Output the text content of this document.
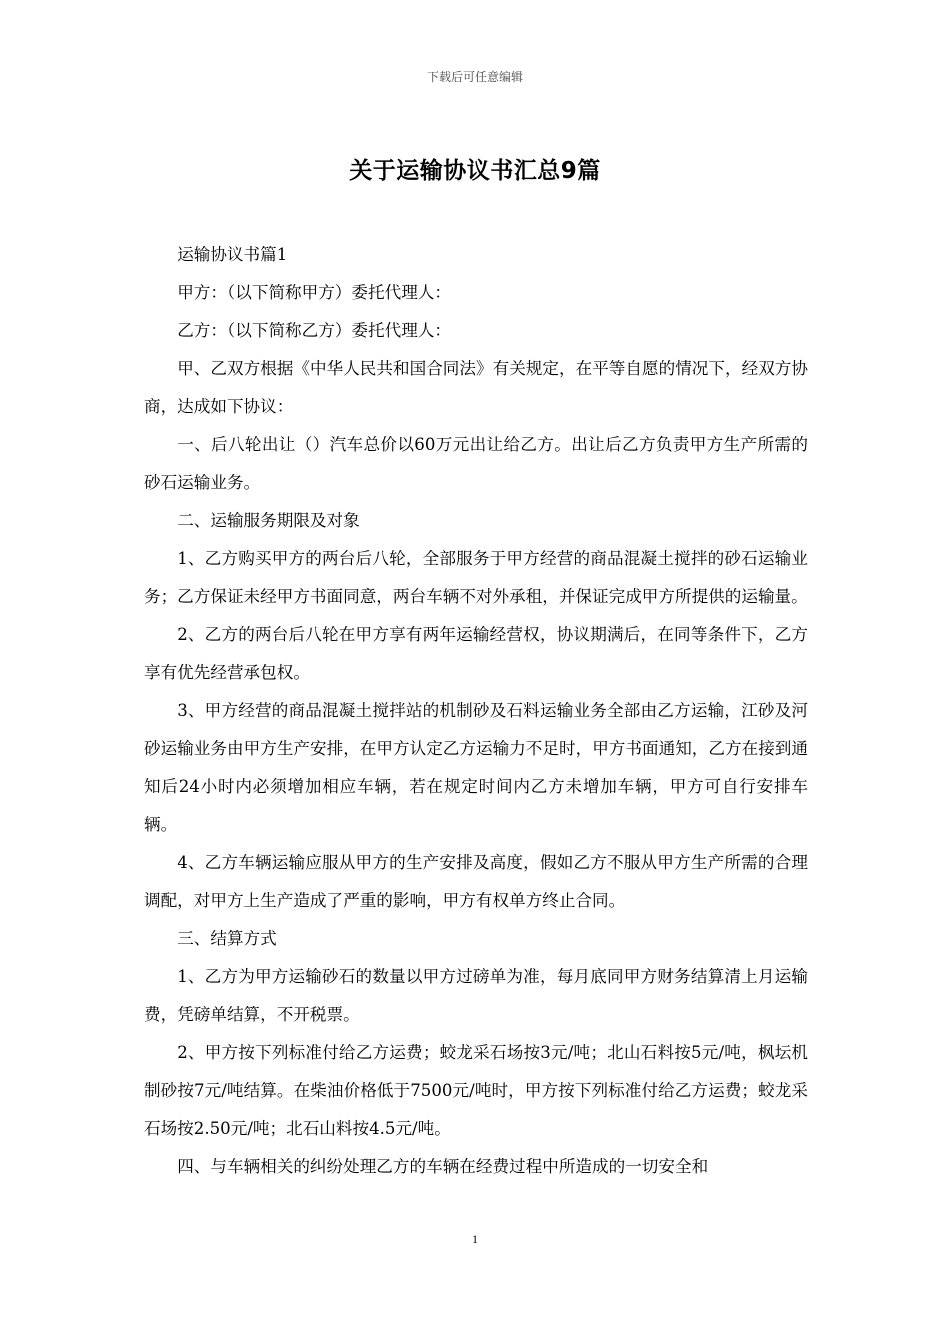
下载后可任意编辑
关于运输协议书汇总9篇

运输协议书篇1

甲方：（以下简称甲方）委托代理人：

乙方：（以下简称乙方）委托代理人：

甲、乙双方根据《中华人民共和国合同法》有关规定，在平等自愿的情况下，经双方协商，达成如下协议：

一、后八轮出让（）汽车总价以60万元出让给乙方。出让后乙方负责甲方生产所需的砂石运输业务。

二、运输服务期限及对象

1、乙方购买甲方的两台后八轮，全部服务于甲方经营的商品混凝土搅拌的砂石运输业务；乙方保证未经甲方书面同意，两台车辆不对外承租，并保证完成甲方所提供的运输量。

2、乙方的两台后八轮在甲方享有两年运输经营权，协议期满后，在同等条件下，乙方享有优先经营承包权。

3、甲方经营的商品混凝土搅拌站的机制砂及石料运输业务全部由乙方运输，江砂及河砂运输业务由甲方生产安排，在甲方认定乙方运输力不足时，甲方书面通知，乙方在接到通知后24小时内必须增加相应车辆，若在规定时间内乙方未增加车辆，甲方可自行安排车辆。

4、乙方车辆运输应服从甲方的生产安排及高度，假如乙方不服从甲方生产所需的合理调配，对甲方上生产造成了严重的影响，甲方有权单方终止合同。

三、结算方式

1、乙方为甲方运输砂石的数量以甲方过磅单为准，每月底同甲方财务结算清上月运输费，凭磅单结算，不开税票。

2、甲方按下列标准付给乙方运费；蛟龙采石场按3元/吨；北山石料按5元/吨，枫坛机制砂按7元/吨结算。在柴油价格低于7500元/吨时，甲方按下列标准付给乙方运费；蛟龙采石场按2.50元/吨；北石山料按4.5元/吨。

四、与车辆相关的纠纷处理乙方的车辆在经费过程中所造成的一切安全和

1
